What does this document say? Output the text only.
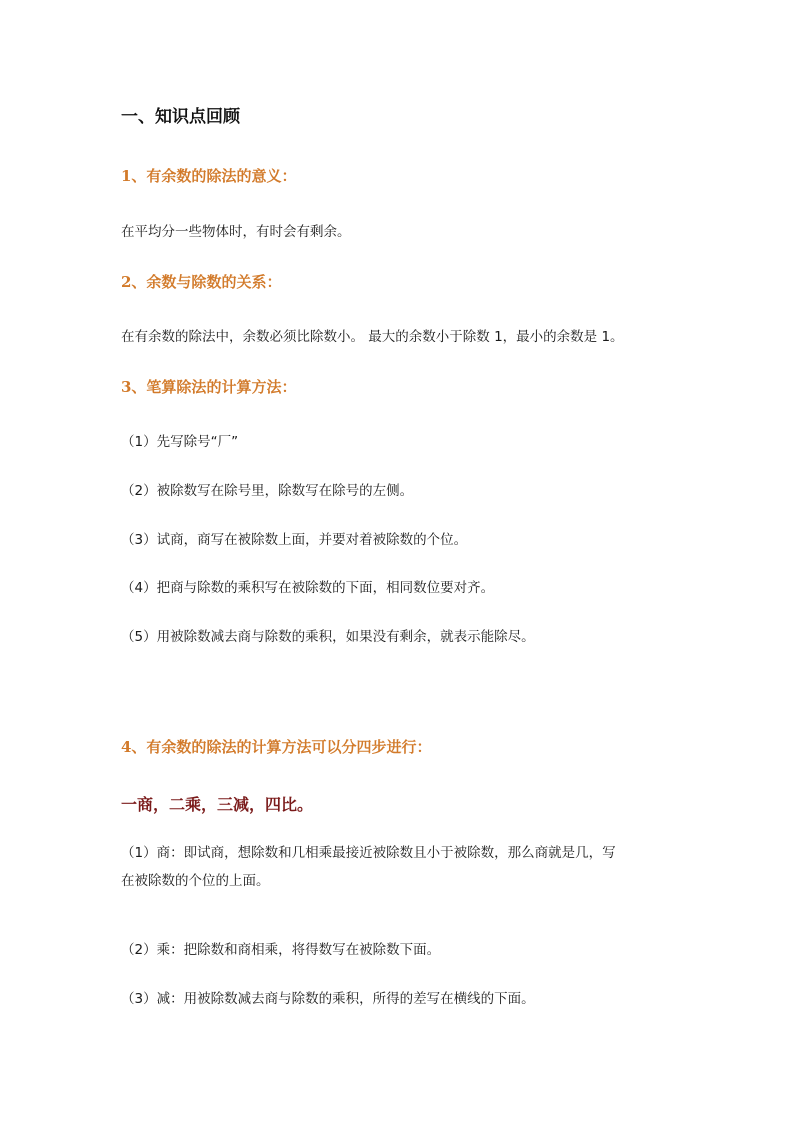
一、知识点回顾
1、有余数的除法的意义：
在平均分一些物体时，有时会有剩余。
2、余数与除数的关系：
在有余数的除法中，余数必须比除数小。 最大的余数小于除数 1，最小的余数是 1。
3、笔算除法的计算方法：
（1）先写除号“厂”
（2）被除数写在除号里，除数写在除号的左侧。
（3）试商，商写在被除数上面，并要对着被除数的个位。
（4）把商与除数的乘积写在被除数的下面，相同数位要对齐。
（5）用被除数减去商与除数的乘积，如果没有剩余，就表示能除尽。
4、有余数的除法的计算方法可以分四步进行：
一商，二乘，三减，四比。
（1）商：即试商，想除数和几相乘最接近被除数且小于被除数，那么商就是几，写
在被除数的个位的上面。
（2）乘：把除数和商相乘，将得数写在被除数下面。
（3）减：用被除数减去商与除数的乘积，所得的差写在横线的下面。
